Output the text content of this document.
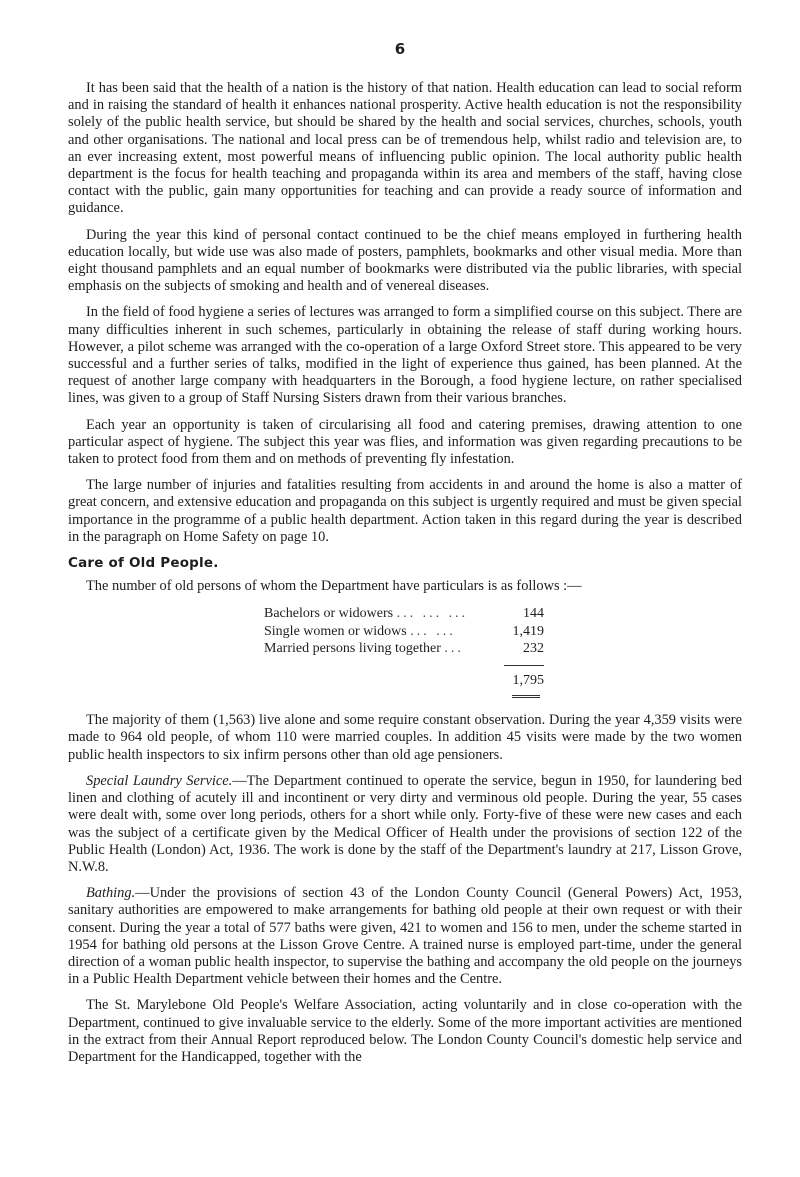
6

It has been said that the health of a nation is the history of that nation. Health education can lead to social reform and in raising the standard of health it enhances national prosperity. Active health education is not the responsibility solely of the public health service, but should be shared by the health and social services, churches, schools, youth and other organisations. The national and local press can be of tremendous help, whilst radio and television are, to an ever increasing extent, most powerful means of influencing public opinion. The local authority public health department is the focus for health teaching and propaganda within its area and members of the staff, having close contact with the public, gain many opportunities for teaching and can provide a ready source of information and guidance.

During the year this kind of personal contact continued to be the chief means employed in furthering health education locally, but wide use was also made of posters, pamphlets, bookmarks and other visual media. More than eight thousand pamphlets and an equal number of bookmarks were distributed via the public libraries, with special emphasis on the subjects of smoking and health and of venereal diseases.

In the field of food hygiene a series of lectures was arranged to form a simplified course on this subject. There are many difficulties inherent in such schemes, particularly in obtaining the release of staff during working hours. However, a pilot scheme was arranged with the co-operation of a large Oxford Street store. This appeared to be very successful and a further series of talks, modified in the light of experience thus gained, has been planned. At the request of another large company with headquarters in the Borough, a food hygiene lecture, on rather specialised lines, was given to a group of Staff Nursing Sisters drawn from their various branches.

Each year an opportunity is taken of circularising all food and catering premises, drawing attention to one particular aspect of hygiene. The subject this year was flies, and information was given regarding precautions to be taken to protect food from them and on methods of preventing fly infestation.

The large number of injuries and fatalities resulting from accidents in and around the home is also a matter of great concern, and extensive education and propaganda on this subject is urgently required and must be given special importance in the programme of a public health department. Action taken in this regard during the year is described in the paragraph on Home Safety on page 10.

Care of Old People.

The number of old persons of whom the Department have particulars is as follows :—

Bachelors or widowers ... ... ...	144
Single women or widows ... ...	1,419
Married persons living together ...	232
1,795

The majority of them (1,563) live alone and some require constant observation. During the year 4,359 visits were made to 964 old people, of whom 110 were married couples. In addition 45 visits were made by the two women public health inspectors to six infirm persons other than old age pensioners.

Special Laundry Service.—The Department continued to operate the service, begun in 1950, for laundering bed linen and clothing of acutely ill and incontinent or very dirty and verminous old people. During the year, 55 cases were dealt with, some over long periods, others for a short while only. Forty-five of these were new cases and each was the subject of a certificate given by the Medical Officer of Health under the provisions of section 122 of the Public Health (London) Act, 1936. The work is done by the staff of the Department's laundry at 217, Lisson Grove, N.W.8.

Bathing.—Under the provisions of section 43 of the London County Council (General Powers) Act, 1953, sanitary authorities are empowered to make arrangements for bathing old people at their own request or with their consent. During the year a total of 577 baths were given, 421 to women and 156 to men, under the scheme started in 1954 for bathing old persons at the Lisson Grove Centre. A trained nurse is employed part-time, under the general direction of a woman public health inspector, to supervise the bathing and accompany the old people on the journeys in a Public Health Department vehicle between their homes and the Centre.

The St. Marylebone Old People's Welfare Association, acting voluntarily and in close co-operation with the Department, continued to give invaluable service to the elderly. Some of the more important activities are mentioned in the extract from their Annual Report reproduced below. The London County Council's domestic help service and Department for the Handicapped, together with the
